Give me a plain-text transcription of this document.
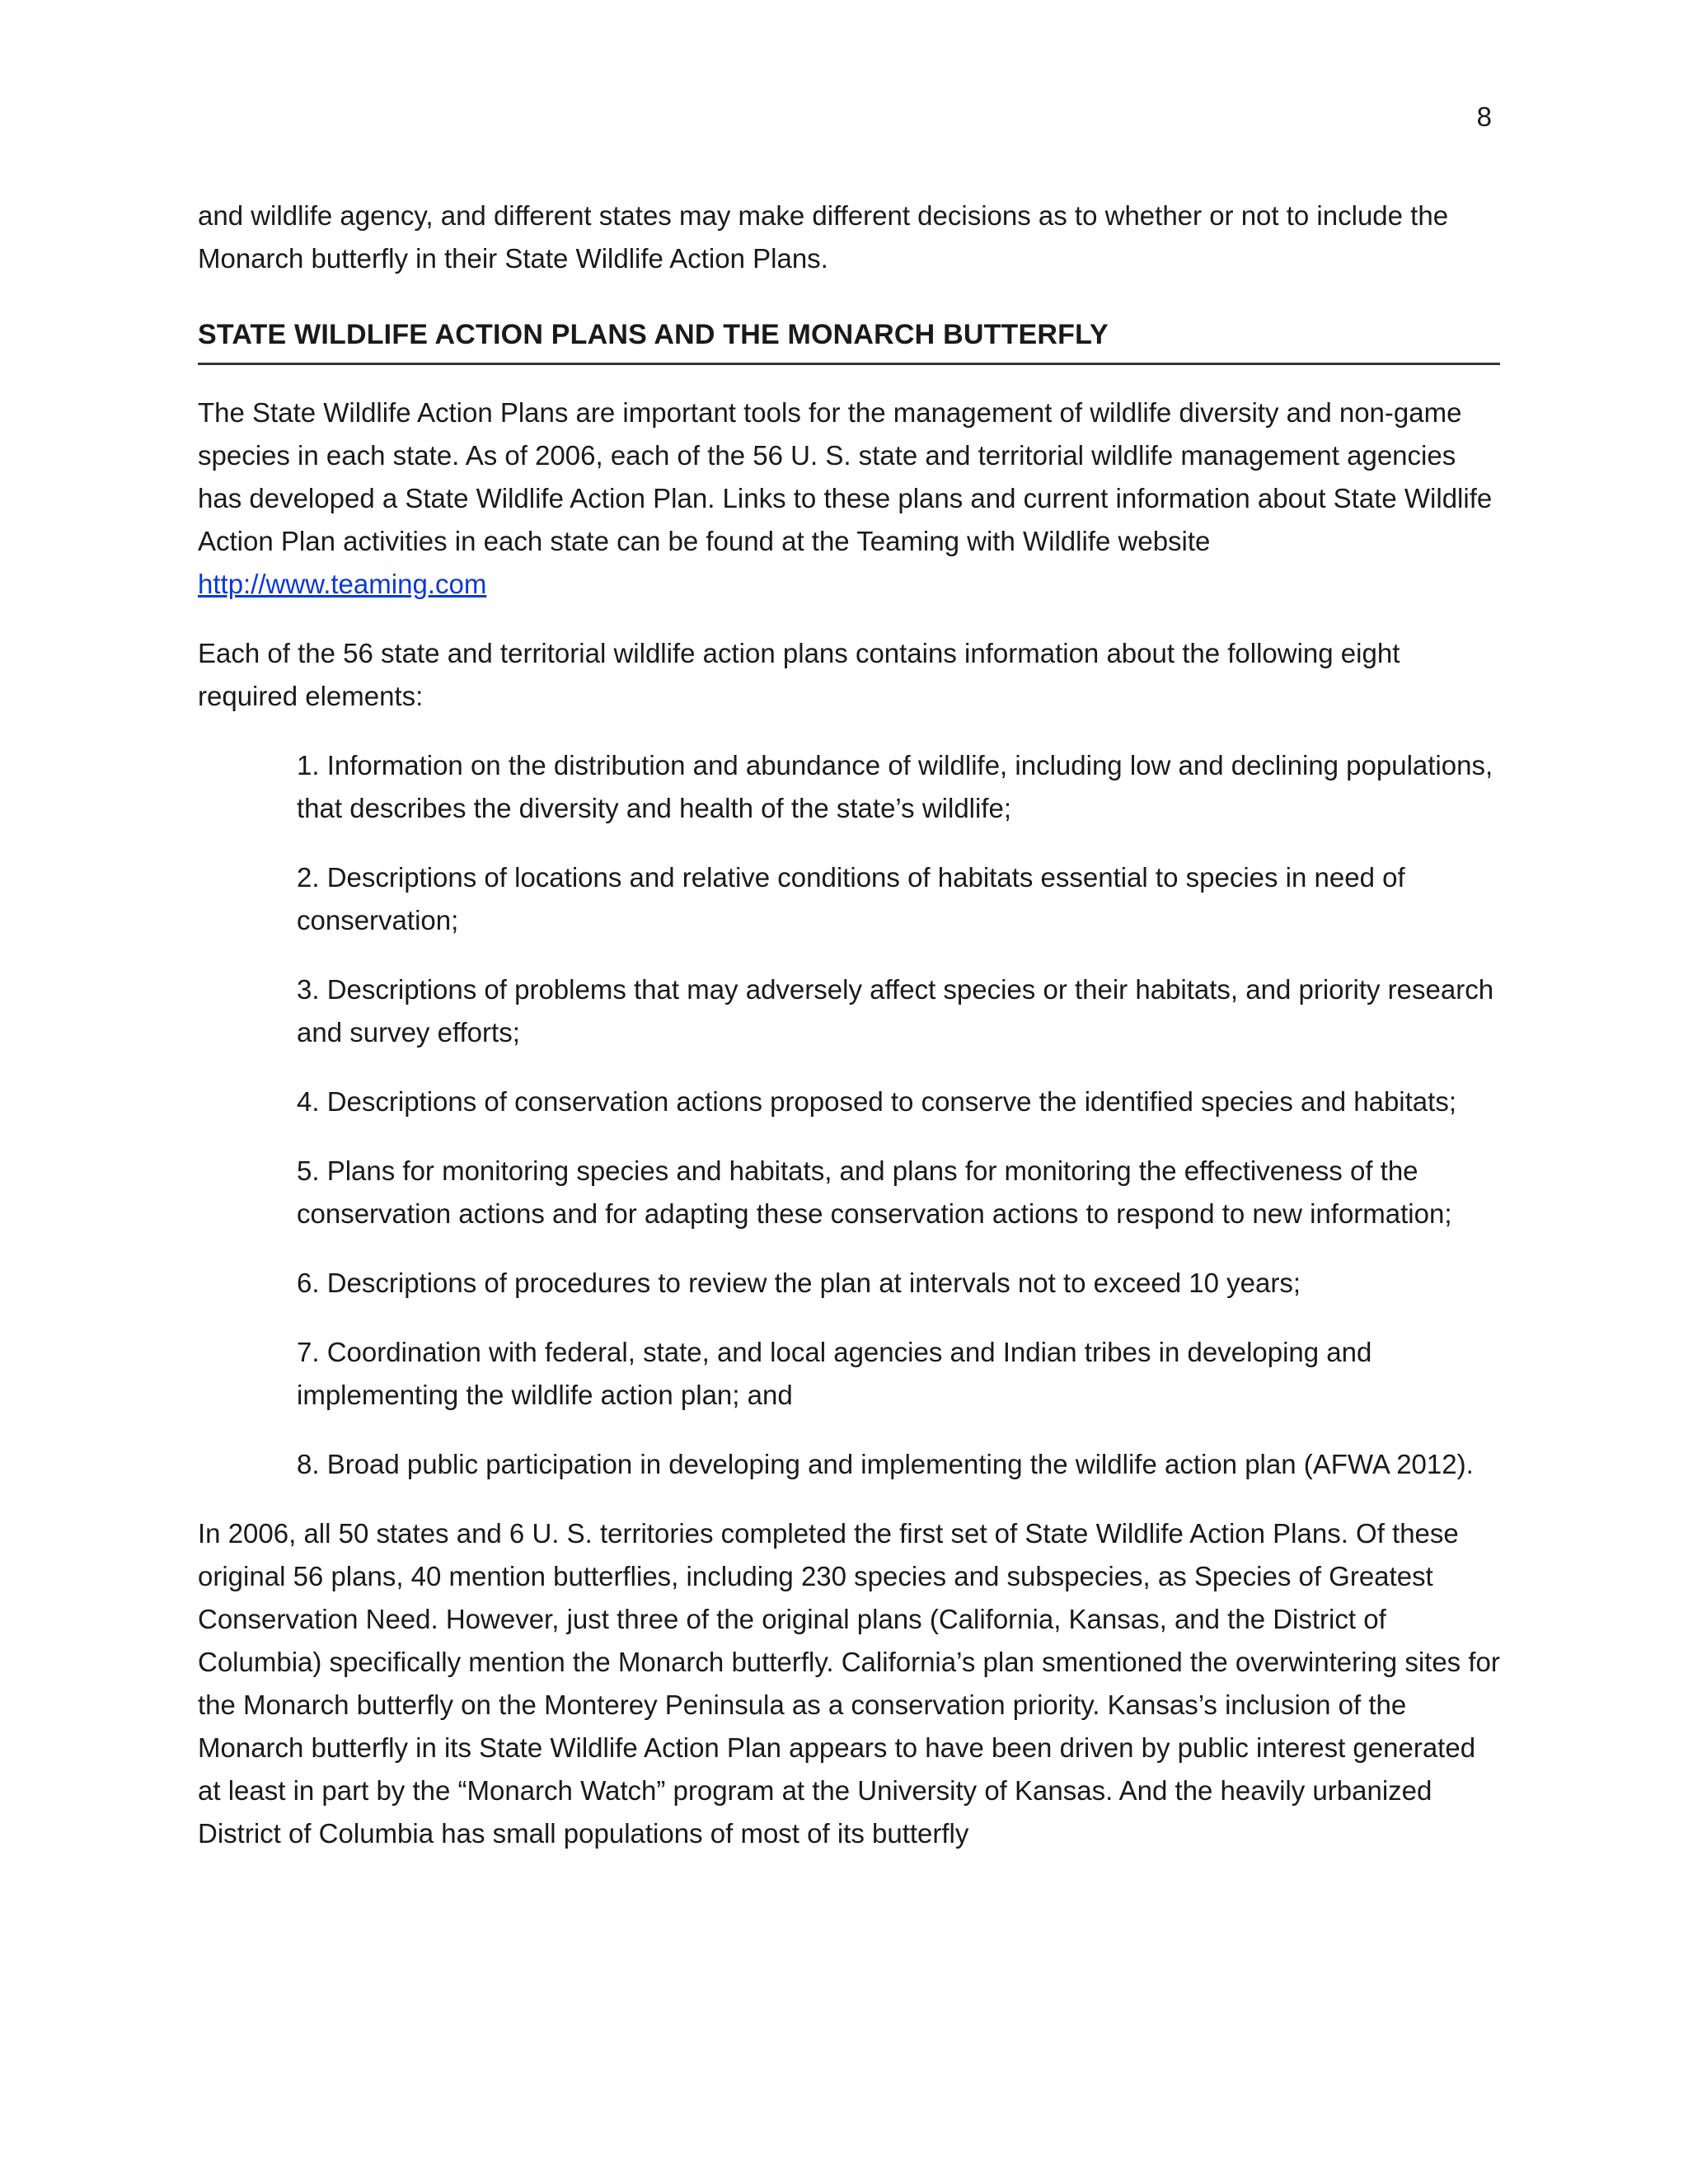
8

and wildlife agency, and different states may make different decisions as to whether or not to include the Monarch butterfly in their State Wildlife Action Plans.

STATE WILDLIFE ACTION PLANS AND THE MONARCH BUTTERFLY

The State Wildlife Action Plans are important tools for the management of wildlife diversity and non-game species in each state. As of 2006, each of the 56 U. S. state and territorial wildlife management agencies has developed a State Wildlife Action Plan. Links to these plans and current information about State Wildlife Action Plan activities in each state can be found at the Teaming with Wildlife website
http://www.teaming.com

Each of the 56 state and territorial wildlife action plans contains information about the following eight required elements:

1. Information on the distribution and abundance of wildlife, including low and declining populations, that describes the diversity and health of the state’s wildlife;
2. Descriptions of locations and relative conditions of habitats essential to species in need of conservation;
3. Descriptions of problems that may adversely affect species or their habitats, and priority research and survey efforts;
4. Descriptions of conservation actions proposed to conserve the identified species and habitats;
5. Plans for monitoring species and habitats, and plans for monitoring the effectiveness of the conservation actions and for adapting these conservation actions to respond to new information;
6. Descriptions of procedures to review the plan at intervals not to exceed 10 years;
7. Coordination with federal, state, and local agencies and Indian tribes in developing and implementing the wildlife action plan; and
8. Broad public participation in developing and implementing the wildlife action plan (AFWA 2012).

In 2006, all 50 states and 6 U. S. territories completed the first set of State Wildlife Action Plans. Of these original 56 plans, 40 mention butterflies, including 230 species and subspecies, as Species of Greatest Conservation Need. However, just three of the original plans (California, Kansas, and the District of Columbia) specifically mention the Monarch butterfly. California’s plan smentioned the overwintering sites for the Monarch butterfly on the Monterey Peninsula as a conservation priority. Kansas’s inclusion of the Monarch butterfly in its State Wildlife Action Plan appears to have been driven by public interest generated at least in part by the “Monarch Watch” program at the University of Kansas. And the heavily urbanized District of Columbia has small populations of most of its butterfly
